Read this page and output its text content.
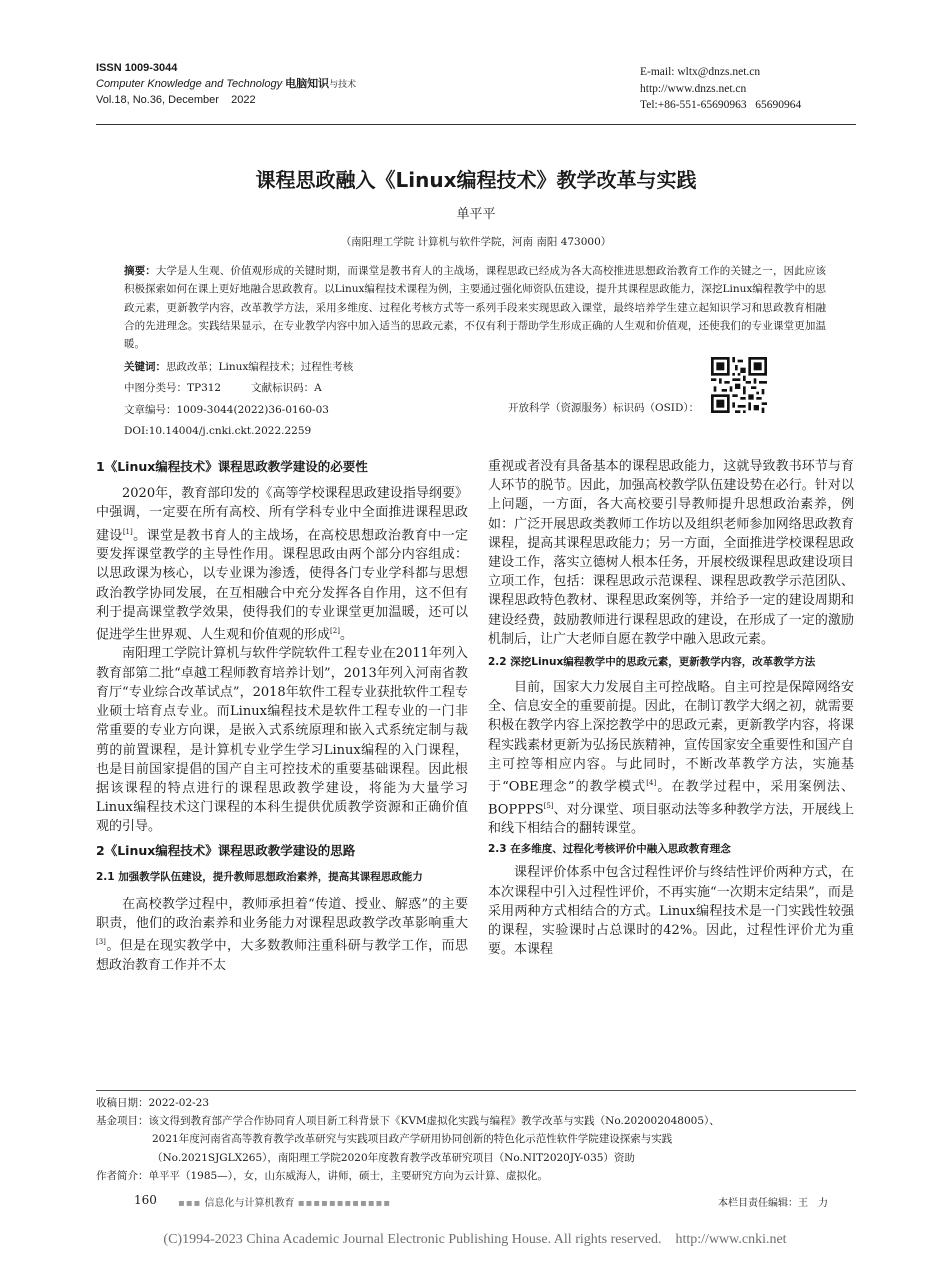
ISSN 1009-3044
Computer Knowledge and Technology 电脑知识与技术
Vol.18, No.36, December    2022
E-mail: wltx@dnzs.net.cn
http://www.dnzs.net.cn
Tel:+86-551-65690963   65690964
课程思政融入《Linux编程技术》教学改革与实践
单平平
（南阳理工学院 计算机与软件学院，河南 南阳 473000）
摘要：大学是人生观、价值观形成的关键时期，而课堂是教书育人的主战场，课程思政已经成为各大高校推进思想政治教育工作的关键之一，因此应该积极探索如何在课上更好地融合思政教育。以Linux编程技术课程为例，主要通过强化师资队伍建设，提升其课程思政能力，深挖Linux编程教学中的思政元素，更新教学内容，改革教学方法，采用多维度、过程化考核方式等一系列手段来实现思政入课堂，最终培养学生建立起知识学习和思政教育相融合的先进理念。实践结果显示，在专业教学内容中加入适当的思政元素，不仅有利于帮助学生形成正确的人生观和价值观，还使我们的专业课堂更加温暖。
关键词：思政改革；Linux编程技术；过程性考核
中图分类号：TP312	文献标识码：A
文章编号：1009-3044(2022)36-0160-03
DOI:10.14004/j.cnki.ckt.2022.2259
开放科学（资源服务）标识码（OSID）：
1《Linux编程技术》课程思政教学建设的必要性

2020年，教育部印发的《高等学校课程思政建设指导纲要》中强调，一定要在所有高校、所有学科专业中全面推进课程思政建设[1]。课堂是教书育人的主战场，在高校思想政治教育中一定要发挥课堂教学的主导性作用。课程思政由两个部分内容组成：以思政课为核心，以专业课为渗透，使得各门专业学科都与思想政治教学协同发展，在互相融合中充分发挥各自作用，这不但有利于提高课堂教学效果，使得我们的专业课堂更加温暖，还可以促进学生世界观、人生观和价值观的形成[2]。

南阳理工学院计算机与软件学院软件工程专业在2011年列入教育部第二批“卓越工程师教育培养计划”，2013年列入河南省教育厅“专业综合改革试点”，2018年软件工程专业获批软件工程专业硕士培育点专业。而Linux编程技术是软件工程专业的一门非常重要的专业方向课，是嵌入式系统原理和嵌入式系统定制与裁剪的前置课程，是计算机专业学生学习Linux编程的入门课程，也是目前国家提倡的国产自主可控技术的重要基础课程。因此根据该课程的特点进行的课程思政教学建设，将能为大量学习Linux编程技术这门课程的本科生提供优质教学资源和正确价值观的引导。

2《Linux编程技术》课程思政教学建设的思路
2.1 加强教学队伍建设，提升教师思想政治素养，提高其课程思政能力

在高校教学过程中，教师承担着“传道、授业、解惑”的主要职责，他们的政治素养和业务能力对课程思政教学改革影响重大[3]。但是在现实教学中，大多数教师注重科研与教学工作，而思想政治教育工作并不太

重视或者没有具备基本的课程思政能力，这就导致教书环节与育人环节的脱节。因此，加强高校教学队伍建设势在必行。针对以上问题，一方面，各大高校要引导教师提升思想政治素养，例如：广泛开展思政类教师工作坊以及组织老师参加网络思政教育课程，提高其课程思政能力；另一方面，全面推进学校课程思政建设工作，落实立德树人根本任务，开展校级课程思政建设项目立项工作，包括：课程思政示范课程、课程思政教学示范团队、课程思政特色教材、课程思政案例等，并给予一定的建设周期和建设经费，鼓励教师进行课程思政的建设，在形成了一定的激励机制后，让广大老师自愿在教学中融入思政元素。

2.2 深挖Linux编程教学中的思政元素，更新教学内容，改革教学方法

目前，国家大力发展自主可控战略。自主可控是保障网络安全、信息安全的重要前提。因此，在制订教学大纲之初，就需要积极在教学内容上深挖教学中的思政元素，更新教学内容，将课程实践素材更新为弘扬民族精神，宣传国家安全重要性和国产自主可控等相应内容。与此同时，不断改革教学方法，实施基于“OBE理念”的教学模式[4]。在教学过程中，采用案例法、BOPPPS[5]、对分课堂、项目驱动法等多种教学方法，开展线上和线下相结合的翻转课堂。

2.3 在多维度、过程化考核评价中融入思政教育理念

课程评价体系中包含过程性评价与终结性评价两种方式，在本次课程中引入过程性评价，不再实施“一次期末定结果”，而是采用两种方式相结合的方式。Linux编程技术是一门实践性较强的课程，实验课时占总课时的42%。因此，过程性评价尤为重要。本课程

收稿日期：2022-02-23
基金项目：该文得到教育部产学合作协同育人项目新工科背景下《KVM虚拟化实践与编程》教学改革与实践（No.202002048005）、
2021年度河南省高等教育教学改革研究与实践项目政产学研用协同创新的特色化示范性软件学院建设探索与实践
（No.2021SJGLX265），南阳理工学院2020年度教育教学改革研究项目（No.NIT2020JY-035）资助
作者简介：单平平（1985—），女，山东威海人，讲师，硕士，主要研究方向为云计算、虚拟化。
160 ▪▪▪ 信息化与计算机教育 ▪▪▪▪▪▪▪▪▪▪▪▪	本栏目责任编辑：王　力
(C)1994-2023 China Academic Journal Electronic Publishing House. All rights reserved.    http://www.cnki.net
